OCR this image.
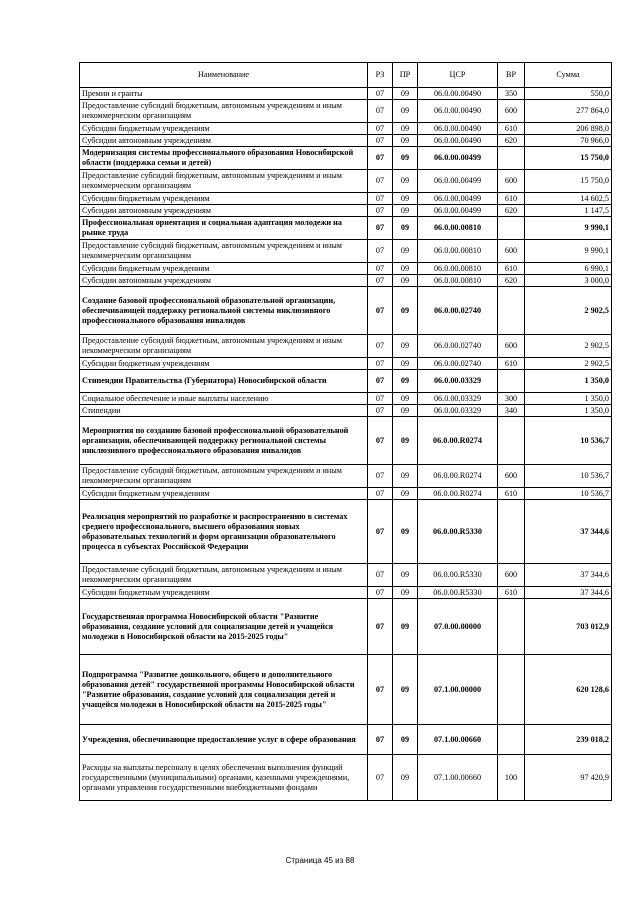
Наименование	РЗ	ПР	ЦСР	ВР	Сумма
Премии и гранты	07	09	06.0.00.00490	350	550,0
Предоставление субсидий бюджетным, автономным учреждениям и иным некоммерческим организациям	07	09	06.0.00.00490	600	277 864,0
Субсидии бюджетным учреждениям	07	09	06.0.00.00490	610	206 898,0
Субсидии автономным учреждениям	07	09	06.0.00.00490	620	70 966,0
Модернизация системы профессионального образования Новосибирской области (поддержка семьи и детей)	07	09	06.0.00.00499		15 750,0
Предоставление субсидий бюджетным, автономным учреждениям и иным некоммерческим организациям	07	09	06.0.00.00499	600	15 750,0
Субсидии бюджетным учреждениям	07	09	06.0.00.00499	610	14 602,5
Субсидии автономным учреждениям	07	09	06.0.00.00499	620	1 147,5
Профессиональная ориентация и социальная адаптация молодежи на рынке труда	07	09	06.0.00.00810		9 990,1
Предоставление субсидий бюджетным, автономным учреждениям и иным некоммерческим организациям	07	09	06.0.00.00810	600	9 990,1
Субсидии бюджетным учреждениям	07	09	06.0.00.00810	610	6 990,1
Субсидии автономным учреждениям	07	09	06.0.00.00810	620	3 000,0
Создание базовой профессиональной образовательной организации, обеспечивающей поддержку региональной системы инклюзивного профессионального образования инвалидов	07	09	06.0.00.02740		2 902,5
Предоставление субсидий бюджетным, автономным учреждениям и иным некоммерческим организациям	07	09	06.0.00.02740	600	2 902,5
Субсидии бюджетным учреждениям	07	09	06.0.00.02740	610	2 902,5
Стипендии Правительства (Губернатора) Новосибирской области	07	09	06.0.00.03329		1 350,0
Социальное обеспечение и иные выплаты населению	07	09	06.0.00.03329	300	1 350,0
Стипендии	07	09	06.0.00.03329	340	1 350,0
Мероприятия по созданию базовой профессиональной образовательной организации, обеспечивающей поддержку региональной системы инклюзивного профессионального образования инвалидов	07	09	06.0.00.R0274		10 536,7
Предоставление субсидий бюджетным, автономным учреждениям и иным некоммерческим организациям	07	09	06.0.00.R0274	600	10 536,7
Субсидии бюджетным учреждениям	07	09	06.0.00.R0274	610	10 536,7
Реализация мероприятий по разработке и распространению в системах среднего профессионального, высшего образования новых образовательных технологий и форм организации образовательного процесса в субъектах Российской Федерации	07	09	06.0.00.R5330		37 344,6
Предоставление субсидий бюджетным, автономным учреждениям и иным некоммерческим организациям	07	09	06.0.00.R5330	600	37 344,6
Субсидии бюджетным учреждениям	07	09	06.0.00.R5330	610	37 344,6
Государственная программа Новосибирской области "Развитие образования, создание условий для социализации детей и учащейся молодежи в Новосибирской области на 2015-2025 годы"	07	09	07.0.00.00000		703 012,9
Подпрограмма "Развитие дошкольного, общего и дополнительного образования детей" государственной программы Новосибирской области "Развитие образования, создание условий для социализации детей и учащейся молодежи в Новосибирской области на 2015-2025 годы"	07	09	07.1.00.00000		620 128,6
Учреждения, обеспечивающие предоставление услуг в сфере образования	07	09	07.1.00.00660		239 018,2
Расходы на выплаты персоналу в целях обеспечения выполнения функций государственными (муниципальными) органами, казенными учреждениями, органами управления государственными внебюджетными фондами	07	09	07.1.00.00660	100	97 420,9
Страница 45 из 88
